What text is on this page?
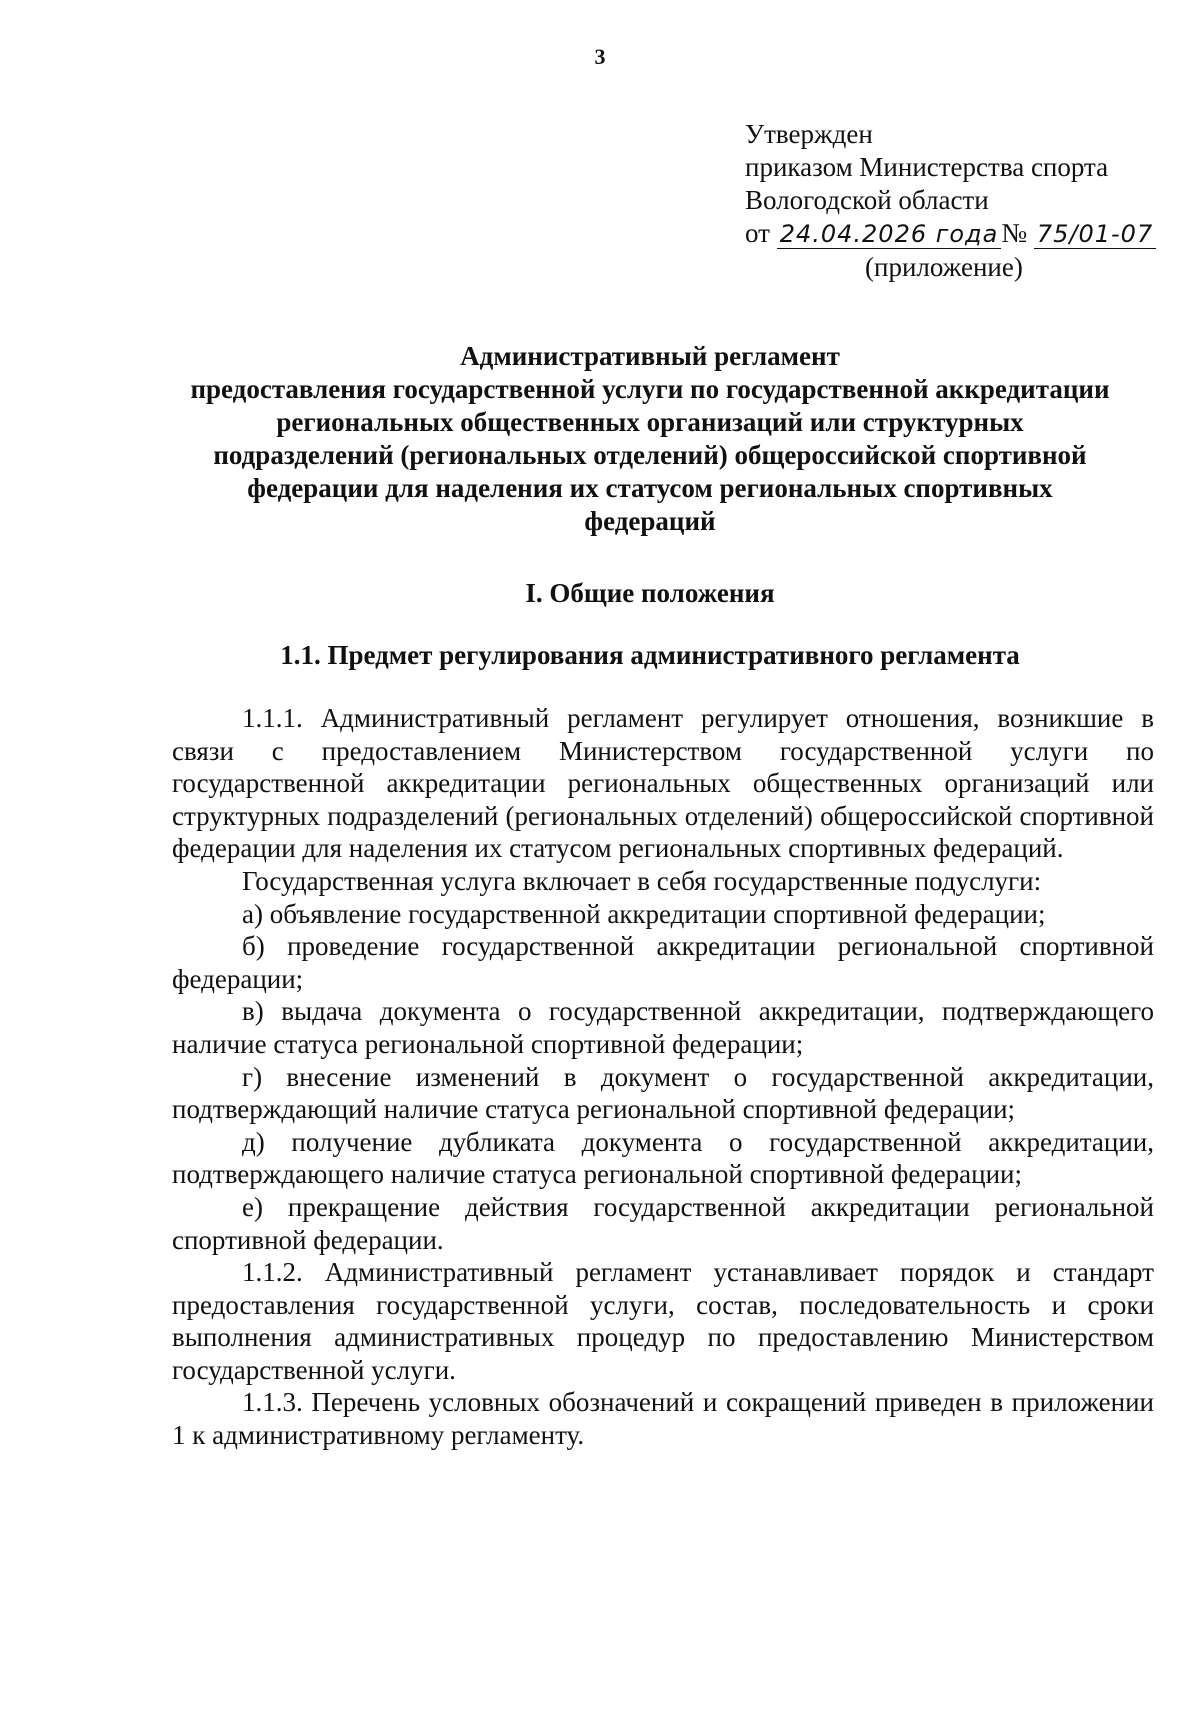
3
Утвержден
приказом Министерства спорта
Вологодской области
от 24.04.2026 года № 75/01-07
(приложение)
Административный регламент
предоставления государственной услуги по государственной аккредитации
региональных общественных организаций или структурных
подразделений (региональных отделений) общероссийской спортивной
федерации для наделения их статусом региональных спортивных
федераций
I. Общие положения
1.1. Предмет регулирования административного регламента

1.1.1. Административный регламент регулирует отношения, возникшие в связи с предоставлением Министерством государственной услуги по государственной аккредитации региональных общественных организаций или структурных подразделений (региональных отделений) общероссийской спортивной федерации для наделения их статусом региональных спортивных федераций.

Государственная услуга включает в себя государственные подуслуги:

а) объявление государственной аккредитации спортивной федерации;

б) проведение государственной аккредитации региональной спортивной федерации;

в) выдача документа о государственной аккредитации, подтверждающего наличие статуса региональной спортивной федерации;

г) внесение изменений в документ о государственной аккредитации, подтверждающий наличие статуса региональной спортивной федерации;

д) получение дубликата документа о государственной аккредитации, подтверждающего наличие статуса региональной спортивной федерации;

е) прекращение действия государственной аккредитации региональной спортивной федерации.

1.1.2. Административный регламент устанавливает порядок и стандарт предоставления государственной услуги, состав, последовательность и сроки выполнения административных процедур по предоставлению Министерством государственной услуги.

1.1.3. Перечень условных обозначений и сокращений приведен в приложении 1 к административному регламенту.
